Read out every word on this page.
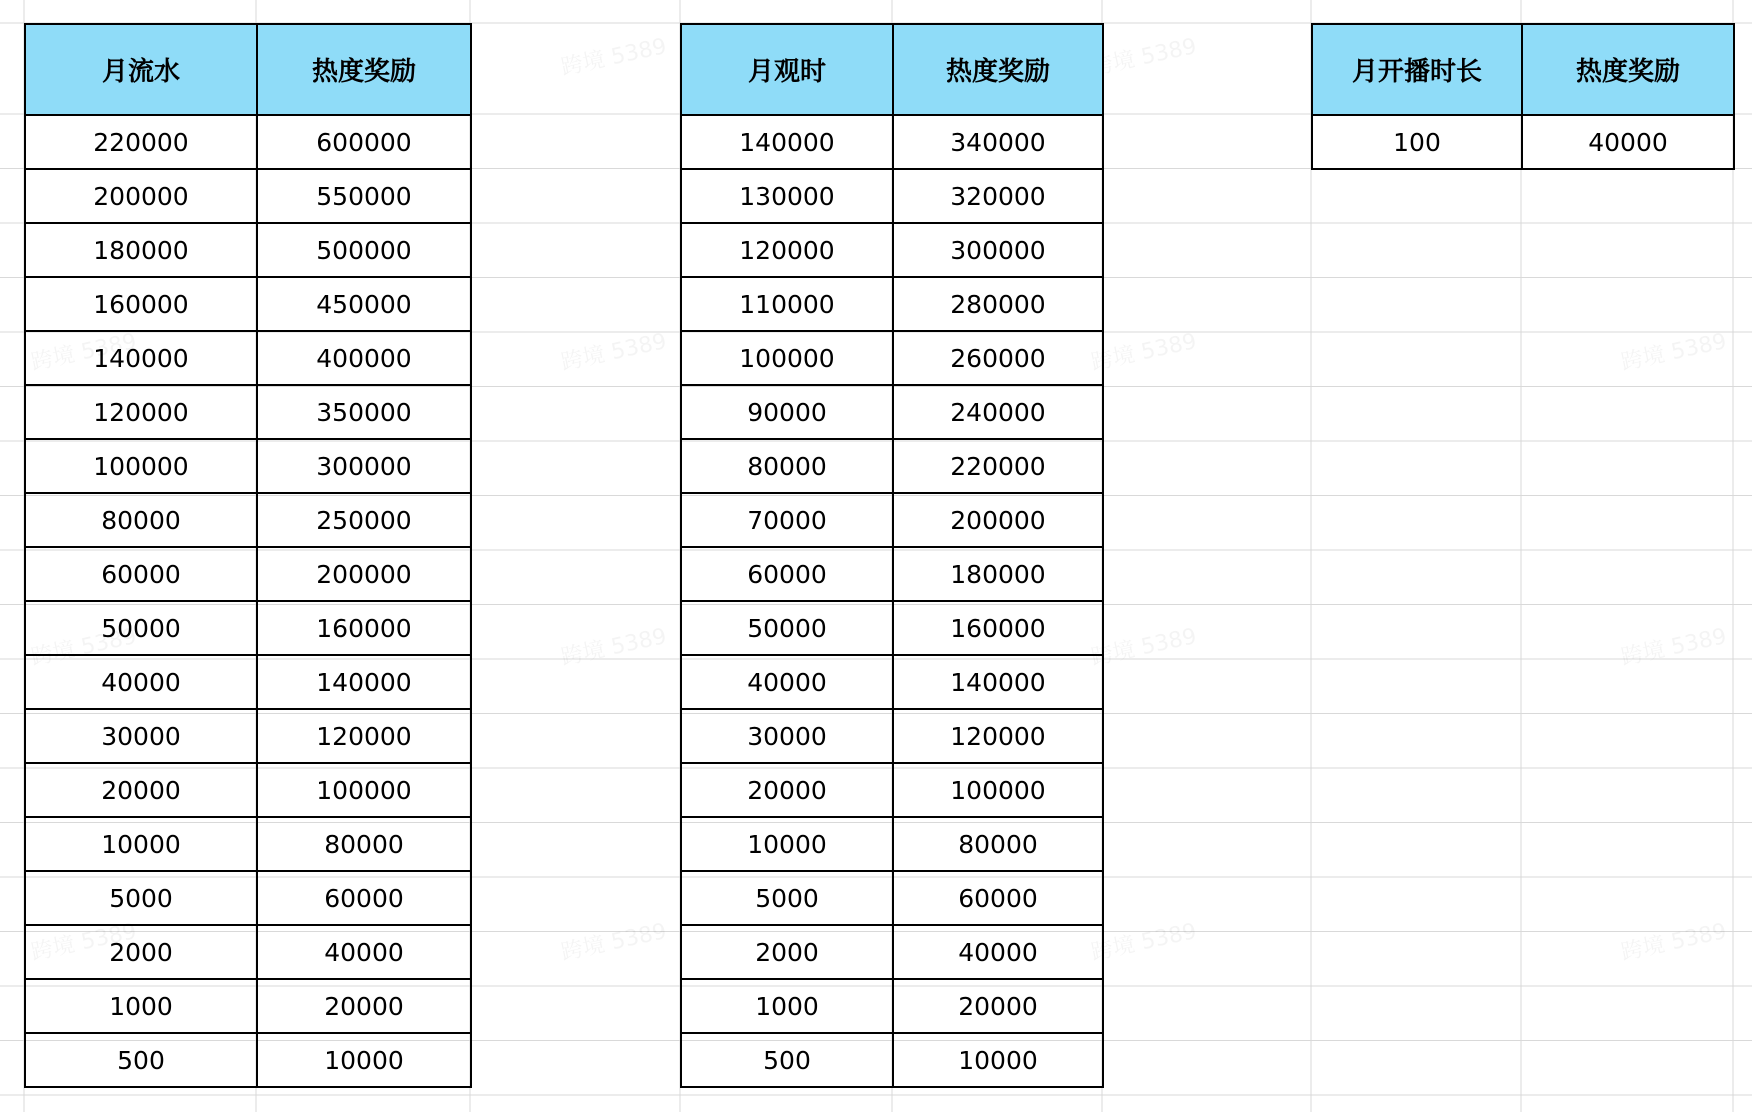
月流水	热度奖励
220000	600000
200000	550000
180000	500000
160000	450000
140000	400000
120000	350000
100000	300000
80000	250000
60000	200000
50000	160000
40000	140000
30000	120000
20000	100000
10000	80000
5000	60000
2000	40000
1000	20000
500	10000
月观时	热度奖励
140000	340000
130000	320000
120000	300000
110000	280000
100000	260000
90000	240000
80000	220000
70000	200000
60000	180000
50000	160000
40000	140000
30000	120000
20000	100000
10000	80000
5000	60000
2000	40000
1000	20000
500	10000
月开播时长	热度奖励
100	40000
